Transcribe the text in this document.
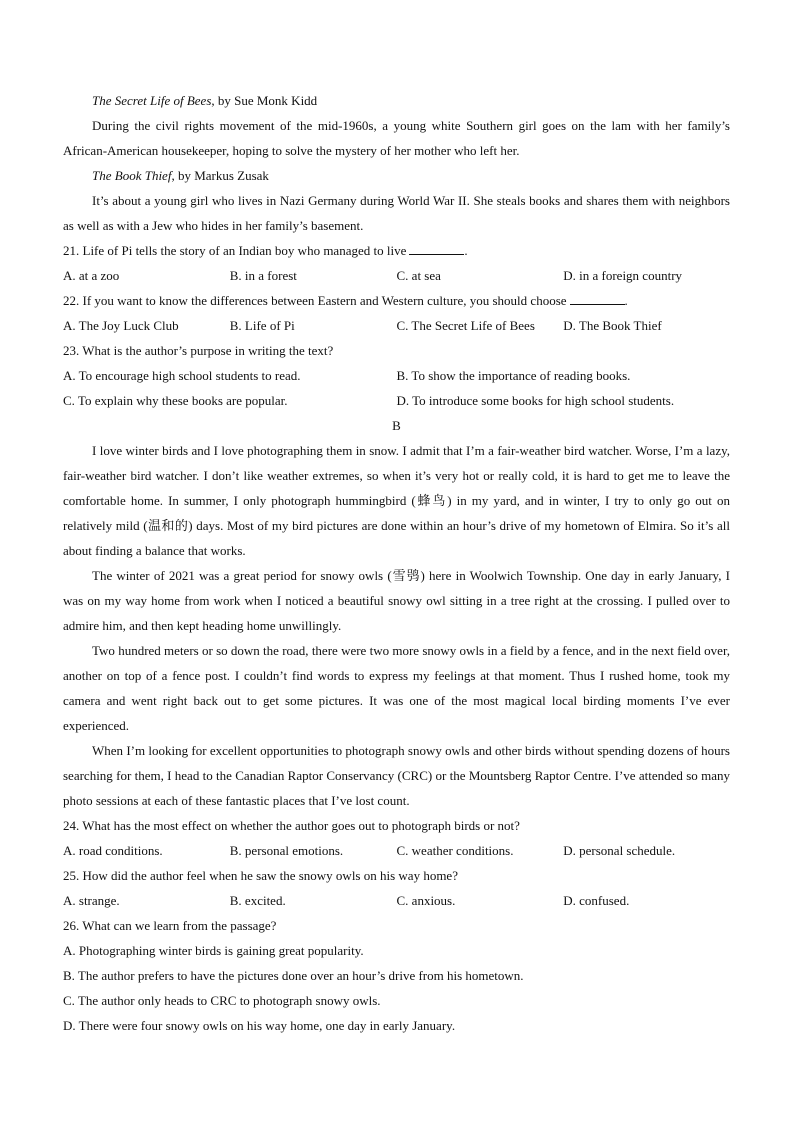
The Secret Life of Bees, by Sue Monk Kidd

During the civil rights movement of the mid-1960s, a young white Southern girl goes on the lam with her family’s African-American housekeeper, hoping to solve the mystery of her mother who left her.

The Book Thief, by Markus Zusak

It’s about a young girl who lives in Nazi Germany during World War II. She steals books and shares them with neighbors as well as with a Jew who hides in her family’s basement.

21. Life of Pi tells the story of an Indian boy who managed to live	.
A. at a zoo	B. in a forest	C. at sea	D. in a foreign country
22. If you want to know the differences between Eastern and Western culture, you should choose	.
A. The Joy Luck Club	B. Life of Pi	C. The Secret Life of Bees	D. The Book Thief
23. What is the author’s purpose in writing the text?
A. To encourage high school students to read.	B. To show the importance of reading books.
C. To explain why these books are popular.	D. To introduce some books for high school students.
B

I love winter birds and I love photographing them in snow. I admit that I’m a fair-weather bird watcher. Worse, I’m a lazy, fair-weather bird watcher. I don’t like weather extremes, so when it’s very hot or really cold, it is hard to get me to leave the comfortable home. In summer, I only photograph hummingbird (蜂鸟) in my yard, and in winter, I try to only go out on relatively mild (温和的) days. Most of my bird pictures are done within an hour’s drive of my hometown of Elmira. So it’s all about finding a balance that works.

The winter of 2021 was a great period for snowy owls (雪鸮) here in Woolwich Township. One day in early January, I was on my way home from work when I noticed a beautiful snowy owl sitting in a tree right at the crossing. I pulled over to admire him, and then kept heading home unwillingly.

Two hundred meters or so down the road, there were two more snowy owls in a field by a fence, and in the next field over, another on top of a fence post. I couldn’t find words to express my feelings at that moment. Thus I rushed home, took my camera and went right back out to get some pictures. It was one of the most magical local birding moments I’ve ever experienced.

When I’m looking for excellent opportunities to photograph snowy owls and other birds without spending dozens of hours searching for them, I head to the Canadian Raptor Conservancy (CRC) or the Mountsberg Raptor Centre. I’ve attended so many photo sessions at each of these fantastic places that I’ve lost count.

24. What has the most effect on whether the author goes out to photograph birds or not?
A. road conditions.	B. personal emotions.	C. weather conditions.	D. personal schedule.
25. How did the author feel when he saw the snowy owls on his way home?
A. strange.	B. excited.	C. anxious.	D. confused.
26. What can we learn from the passage?
A. Photographing winter birds is gaining great popularity.
B. The author prefers to have the pictures done over an hour’s drive from his hometown.
C. The author only heads to CRC to photograph snowy owls.
D. There were four snowy owls on his way home, one day in early January.
